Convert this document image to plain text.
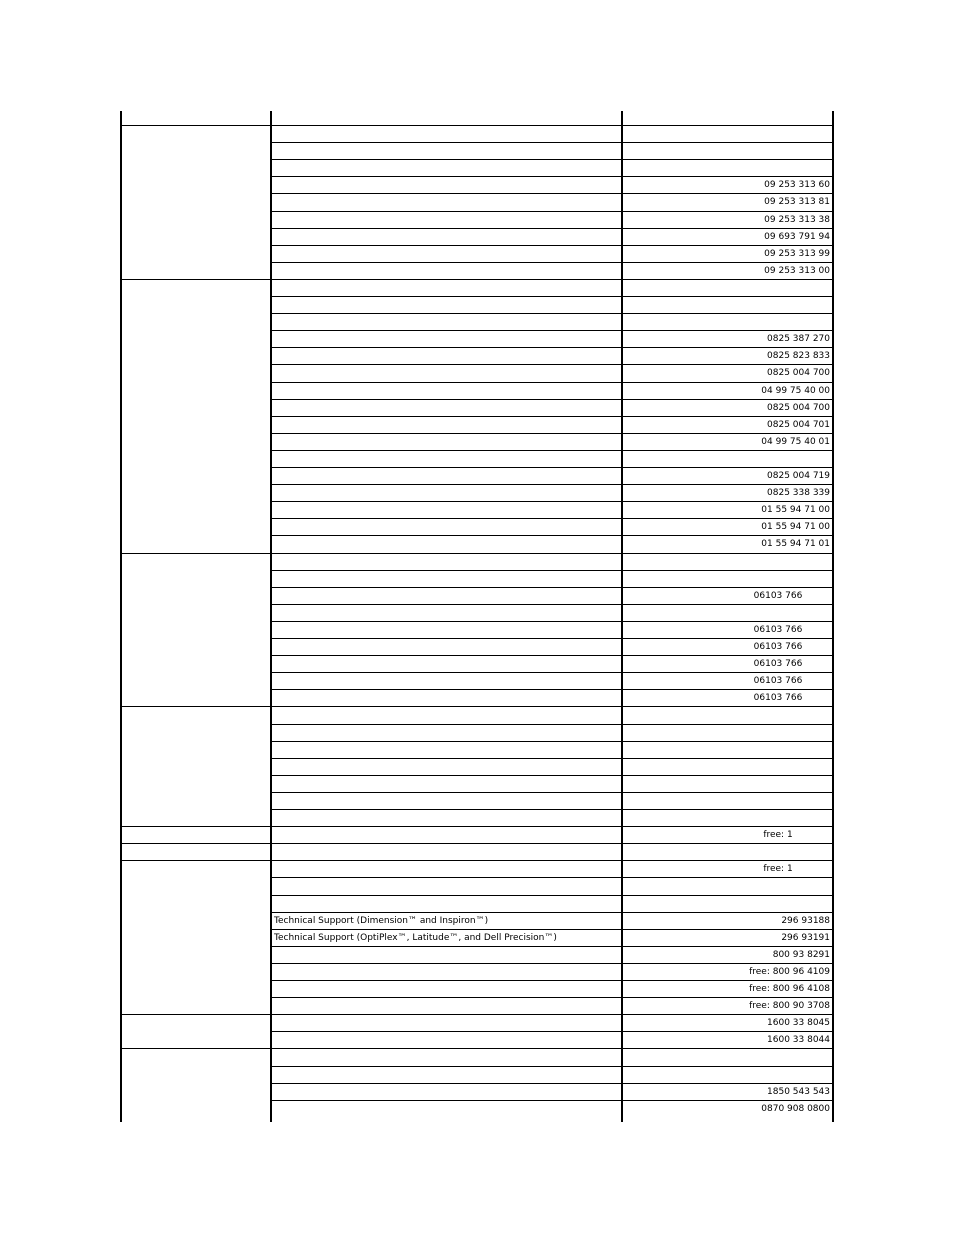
09 253 313 60
09 253 313 81
09 253 313 38
09 693 791 94
09 253 313 99
09 253 313 00
0825 387 270
0825 823 833
0825 004 700
04 99 75 40 00
0825 004 700
0825 004 701
04 99 75 40 01
0825 004 719
0825 338 339
01 55 94 71 00
01 55 94 71 00
01 55 94 71 01
06103 766
06103 766
06103 766
06103 766
06103 766
06103 766
free: 1
free: 1
Technical Support (Dimension™ and Inspiron™)	296 93188
Technical Support (OptiPlex™, Latitude™, and Dell Precision™)	296 93191
800 93 8291
free: 800 96 4109
free: 800 96 4108
free: 800 90 3708
1600 33 8045
1600 33 8044
1850 543 543
0870 908 0800
